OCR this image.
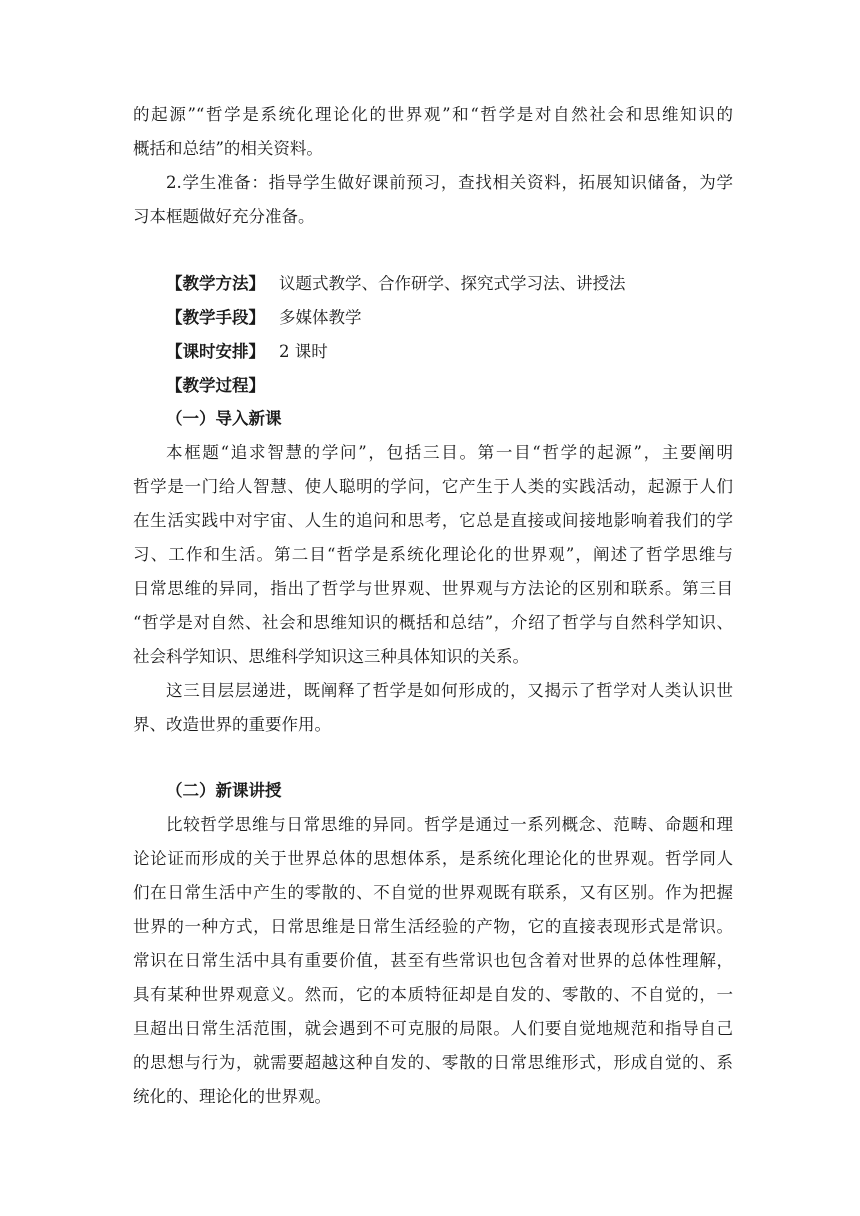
的起源”“哲学是系统化理论化的世界观”和“哲学是对自然社会和思维知识的
概括和总结”的相关资料。
2.学生准备：指导学生做好课前预习，查找相关资料，拓展知识储备，为学
习本框题做好充分准备。
【教学方法】 议题式教学、合作研学、探究式学习法、讲授法
【教学手段】 多媒体教学
【课时安排】 2 课时
【教学过程】
（一）导入新课
本框题“追求智慧的学问”，包括三目。第一目“哲学的起源”，主要阐明
哲学是一门给人智慧、使人聪明的学问，它产生于人类的实践活动，起源于人们
在生活实践中对宇宙、人生的追问和思考，它总是直接或间接地影响着我们的学
习、工作和生活。第二目“哲学是系统化理论化的世界观”，阐述了哲学思维与
日常思维的异同，指出了哲学与世界观、世界观与方法论的区别和联系。第三目
“哲学是对自然、社会和思维知识的概括和总结”，介绍了哲学与自然科学知识、
社会科学知识、思维科学知识这三种具体知识的关系。
这三目层层递进，既阐释了哲学是如何形成的，又揭示了哲学对人类认识世
界、改造世界的重要作用。
（二）新课讲授
比较哲学思维与日常思维的异同。哲学是通过一系列概念、范畴、命题和理
论论证而形成的关于世界总体的思想体系，是系统化理论化的世界观。哲学同人
们在日常生活中产生的零散的、不自觉的世界观既有联系，又有区别。作为把握
世界的一种方式，日常思维是日常生活经验的产物，它的直接表现形式是常识。
常识在日常生活中具有重要价值，甚至有些常识也包含着对世界的总体性理解，
具有某种世界观意义。然而，它的本质特征却是自发的、零散的、不自觉的，一
旦超出日常生活范围，就会遇到不可克服的局限。人们要自觉地规范和指导自己
的思想与行为，就需要超越这种自发的、零散的日常思维形式，形成自觉的、系
统化的、理论化的世界观。
